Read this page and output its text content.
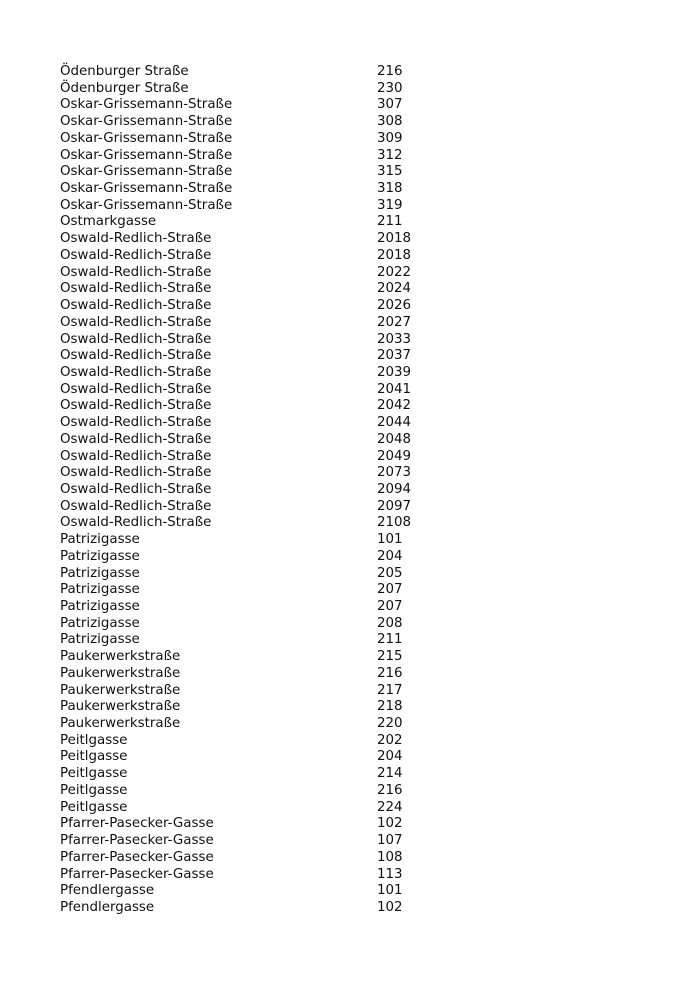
Ödenburger Straße	216
Ödenburger Straße	230
Oskar-Grissemann-Straße	307
Oskar-Grissemann-Straße	308
Oskar-Grissemann-Straße	309
Oskar-Grissemann-Straße	312
Oskar-Grissemann-Straße	315
Oskar-Grissemann-Straße	318
Oskar-Grissemann-Straße	319
Ostmarkgasse	211
Oswald-Redlich-Straße	2018
Oswald-Redlich-Straße	2018
Oswald-Redlich-Straße	2022
Oswald-Redlich-Straße	2024
Oswald-Redlich-Straße	2026
Oswald-Redlich-Straße	2027
Oswald-Redlich-Straße	2033
Oswald-Redlich-Straße	2037
Oswald-Redlich-Straße	2039
Oswald-Redlich-Straße	2041
Oswald-Redlich-Straße	2042
Oswald-Redlich-Straße	2044
Oswald-Redlich-Straße	2048
Oswald-Redlich-Straße	2049
Oswald-Redlich-Straße	2073
Oswald-Redlich-Straße	2094
Oswald-Redlich-Straße	2097
Oswald-Redlich-Straße	2108
Patrizigasse	101
Patrizigasse	204
Patrizigasse	205
Patrizigasse	207
Patrizigasse	207
Patrizigasse	208
Patrizigasse	211
Paukerwerkstraße	215
Paukerwerkstraße	216
Paukerwerkstraße	217
Paukerwerkstraße	218
Paukerwerkstraße	220
Peitlgasse	202
Peitlgasse	204
Peitlgasse	214
Peitlgasse	216
Peitlgasse	224
Pfarrer-Pasecker-Gasse	102
Pfarrer-Pasecker-Gasse	107
Pfarrer-Pasecker-Gasse	108
Pfarrer-Pasecker-Gasse	113
Pfendlergasse	101
Pfendlergasse	102
